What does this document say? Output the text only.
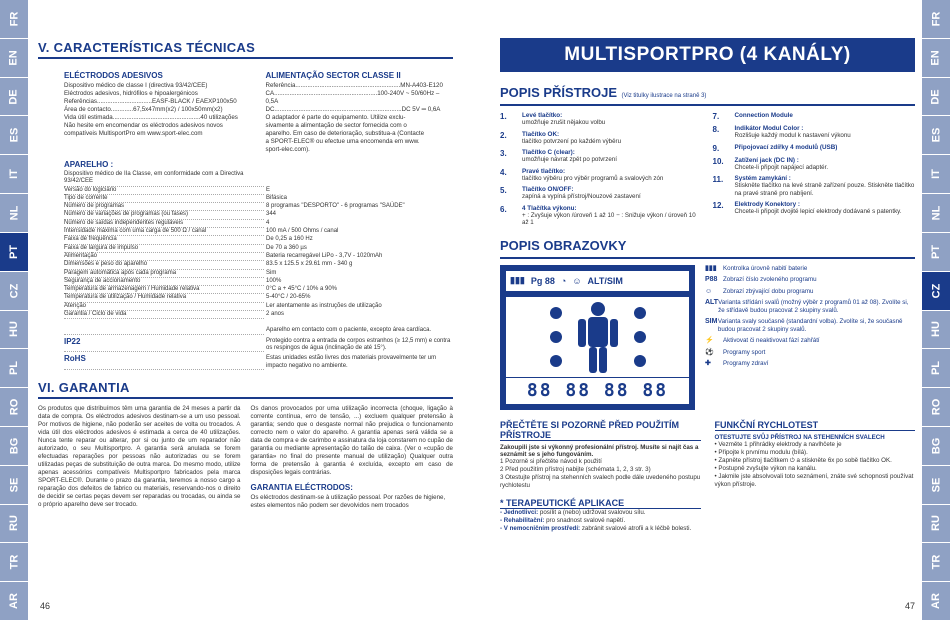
FR
EN
DE
ES
IT
NL
PT
CZ
HU
PL
RO
BG
SE
RU
TR
AR
FR
EN
DE
ES
IT
NL
PT
CZ
HU
PL
RO
BG
SE
RU
TR
AR
V. CARACTERÍSTICAS TÉCNICAS
ELÉCTRODOS ADESIVOS
Dispositivo médico de classe I (directiva 93/42/CEE)
Eléctrodos adesivos, hidrófilos e hipoalergénicos
Referências................................EASF-BLACK / EAEXP100x50
Área de contacto.............67,5x47mm(x2) / 100x50mm(x2)
Vida útil estimada...................................................40 utilizações
Não hesite em encomendar os eléctrodos adesivos novos
compatíveis MultisportPro em www.sport-elec.com
ALIMENTAÇÃO SECTOR CLASSE II
Referência.............................................................MN-A403-E120
CA............................................................100-240V ~ 50/60Hz – 0,5A
DC..........................................................................DC 5V ═ 0,6A
O adaptador é parte do equipamento. Utilize exclu-
sivamente a alimentação de sector fornecida com o
aparelho. Em caso de deterioração, substitua-a (Contacte
a SPORT-ELEC® ou efectue uma encomenda em www.
sport-elec.com).
APARELHO :
Dispositivo médico de IIa Classe, em conformidade com a Directiva 93/42/CEE
Versão do logiciário	E
Tipo de corrente	Bifásica
Número de programas	8 programas "DESPORTO" - 6 programas "SAÚDE"
Número de variações de programas (ou fases)	344
Número de saídas independentes reguláveis	4
Intensidade máxima com uma carga de 500 Ω / canal	100 mA / 500 Ohms / canal
Faixa de frequência	De 0,25 a 160 Hz
Faixa de largura de impulso	De 70 a 360 µs
Alimentação	Bateria recarregável LiPo - 3,7V - 1020mAh
Dimensões e peso do aparelho	83.5 x 125.5 x 29.61 mm - 340 g
Paragem automática após cada programa	Sim
Segurança de accionamento	100%
Temperatura de armazenagem / Humidade relativa	0°C a + 45°C / 10% a 90%
Temperatura de utilização / Humidade relativa	5-40°C / 20-65%
Atenção	Ler atentamente as instruções de utilização
Garantia / Ciclo de vida	2 anos
Aparelho em contacto com o paciente, excepto área cardíaca.
IP22	Protegido contra a entrada de corpos estranhos (≥ 12,5 mm) e contra os respingos de água (inclinação de até 15°).
RoHS	Estas unidades estão livres dos materiais provavelmente ter um impacto negativo no ambiente.
VI. GARANTIA
Os produtos que distribuímos têm uma garantia de 24 meses a partir da data de compra. Os eléctrodos adesivos destinam-se a um uso pessoal. Por motivos de higiene, não poderão ser aceites de volta ou trocados. A vida útil dos eléctrodos adesivos é estimada a cerca de 40 utilizações. Nunca tente reparar ou alterar, por si ou junto de um reparador não autorizado, o seu Multisportpro. A garantia será anulada se forem efectuadas reparações por pessoas não autorizadas ou se forem utilizadas peças de substituição de outra marca. Do mesmo modo, utilize apenas acessórios compatíveis Multisportpro fabricados pela marca SPORT-ELEC®. Durante o prazo da garantia, teremos a nosso cargo a reparação dos defeitos de fabrico ou materiais, reservando-nos o direito de decidir se certas peças devem ser reparadas ou trocadas, ou ainda se o próprio aparelho deve ser trocado.
Os danos provocados por uma utilização incorrecta (choque, ligação à corrente contínua, erro de tensão, ...) excluem qualquer pretensão à garantia; sendo que o desgaste normal não prejudica o funcionamento correcto nem o valor do aparelho. A garantia apenas será válida se a data de compra e de carimbo e assinatura da loja constarem no cupão de garantia ou mediante apresentação do talão de caixa. (Ver o «cupão de garantia» no final do presente manual de utilização) Qualquer outra forma de pretensão à garantia é excluída, excepto em caso de disposições legais contrárias.
GARANTIA ELÉCTRODOS:
Os eléctrodos destinam-se à utilização pessoal. Por razões de higiene, estes elementos não podem ser devolvidos nem trocados
46
MULTISPORTPRO (4 KANÁLY)
POPIS PŘÍSTROJE (Viz titulky ilustrace na straně 3)
1.	Levé tlačítko:
umožňuje zrušit nějakou volbu
2.	Tlačítko OK:
tlačítko potvrzení po každém výběru
3.	Tlačítko C (clear):
umožňuje návrat zpět po potvrzení
4.	Pravé tlačítko:
tlačítko výběru pro výběr programů a svalových zón
5.	Tlačítko ON/OFF:
zapíná a vypíná přístroj/Nouzové zastavení
6.	4 Tlačítka výkonu:
+ : Zvyšuje výkon /úroveň 1 až 10 − : Snižuje výkon / úroveň 10 až 1
7.	Connection Module
8.	Indikátor Modul Color :
Rozlišuje každý modul k nastavení výkonu
9.	Připojovací zdířky 4 modulů (USB)
10.	Zatížení jack (DC IN) :
Chcete-li připojit napájecí adaptér.
11.	Systém zamykání :
Stiskněte tlačítko na levé straně zařízení pouze. Stiskněte tlačítko na pravé straně pro nabíjení.
12.	Elektrody Konektory :
Chcete-li připojit dvojité lepicí elektrody dodávané s patentky.
POPIS OBRAZOVKY
▮▮▮ Pg 88 ◔ ☺ ALT/SIM
88 88 88 88
▮▮▮	Kontrolka úrovně nabití baterie
P88 Zobrazí číslo zvoleného programu
☺	Zobrazí zbývající dobu programu
ALT Varianta střídání svalů (možný výběr z programů 01 až 08). Zvolíte si, že střídavě budou pracovat 2 skupiny svalů.
SIM Varianta svaly současně (standardní volba). Zvolíte si, že současně budou pracovat 2 skupiny svalů.
⚡	Aktivovat či neaktivovat fází zahřátí
⚽	Programy sport
✚	Programy zdraví
PŘEČTĚTE SI POZORNĚ PŘED POUŽITÍM PŘÍSTROJE
Zakoupili jste si výkonný profesionální přístroj. Musíte si najít čas a seznámit se s jeho fungováním.
1 Pozorně si přečtěte návod k použití
2 Před použitím přístroj nabijte (schémata 1, 2, 3 str. 3)
3 Otestujte přístroj na stehenních svalech podle dále uvedeného postupu rychlotestu
* TERAPEUTICKÉ APLIKACE
- Jednotlivci: posílit a (nebo) udržovat svalovou sílu.
- Rehabilitační: pro snadnost svalové napětí.
- V nemocničním prostředí: zabránit svalové atrofii a k léčbě bolesti.
FUNKČNÍ RYCHLOTEST
OTESTUJTE SVŮJ PŘÍSTROJ NA STEHENNÍCH SVALECH
• Vezměte 1 přihrádky elektrody a navlhčete je
• Připojte k prvnímu modulu (bílá).
• Zapněte přístroj tlačítkem ⏻ a stiskněte 6x po sobě tlačítko OK.
• Postupně zvyšujte výkon na kanálu.
• Jakmile jste absolvovali toto seznámení, znáte své schopnosti používat výkon přístroje.
47
